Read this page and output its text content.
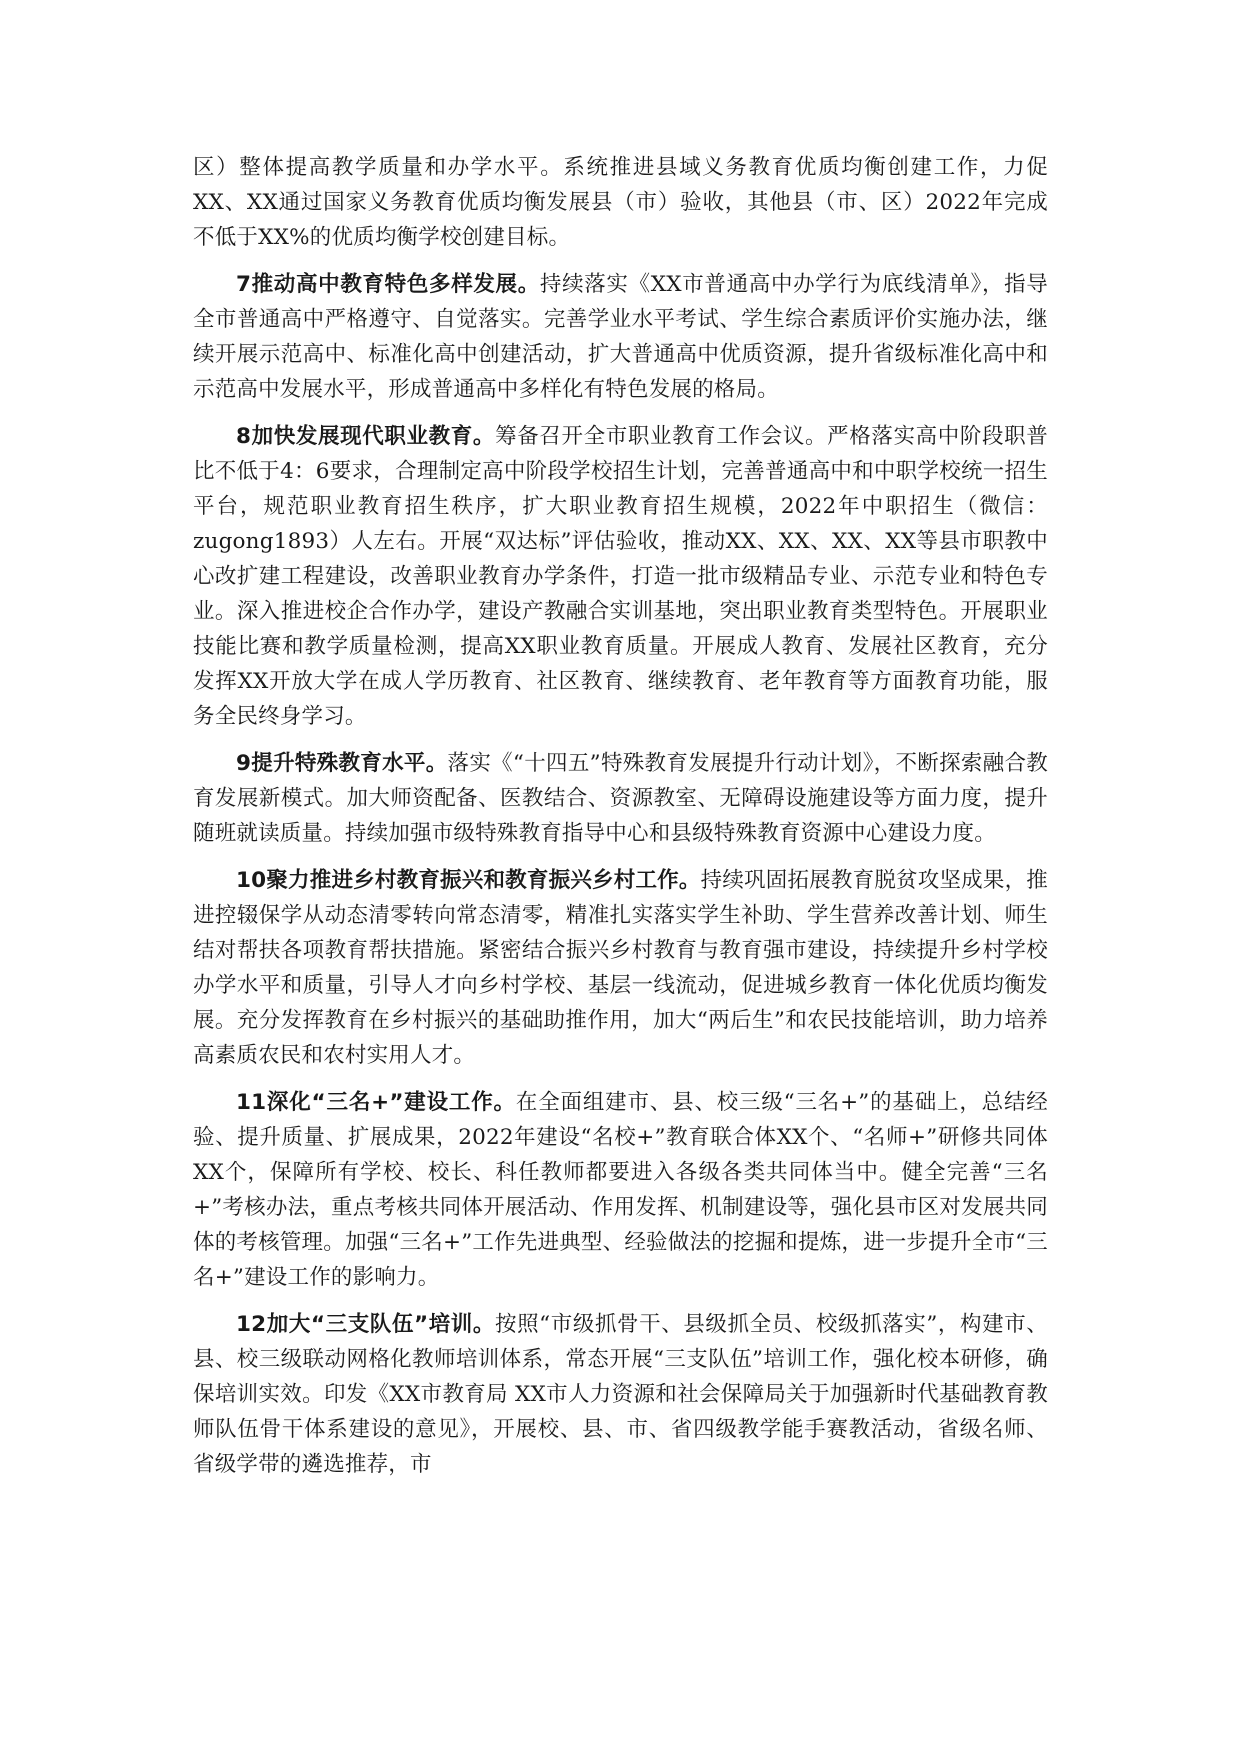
区）整体提高教学质量和办学水平。系统推进县域义务教育优质均衡创建工作，力促XX、XX通过国家义务教育优质均衡发展县（市）验收，其他县（市、区）2022年完成不低于XX%的优质均衡学校创建目标。

7推动高中教育特色多样发展。持续落实《XX市普通高中办学行为底线清单》，指导全市普通高中严格遵守、自觉落实。完善学业水平考试、学生综合素质评价实施办法，继续开展示范高中、标准化高中创建活动，扩大普通高中优质资源，提升省级标准化高中和示范高中发展水平，形成普通高中多样化有特色发展的格局。

8加快发展现代职业教育。筹备召开全市职业教育工作会议。严格落实高中阶段职普比不低于4：6要求，合理制定高中阶段学校招生计划，完善普通高中和中职学校统一招生平台，规范职业教育招生秩序，扩大职业教育招生规模，2022年中职招生（微信：zugong1893）人左右。开展“双达标”评估验收，推动XX、XX、XX、XX等县市职教中心改扩建工程建设，改善职业教育办学条件，打造一批市级精品专业、示范专业和特色专业。深入推进校企合作办学，建设产教融合实训基地，突出职业教育类型特色。开展职业技能比赛和教学质量检测，提高XX职业教育质量。开展成人教育、发展社区教育，充分发挥XX开放大学在成人学历教育、社区教育、继续教育、老年教育等方面教育功能，服务全民终身学习。

9提升特殊教育水平。落实《“十四五”特殊教育发展提升行动计划》，不断探索融合教育发展新模式。加大师资配备、医教结合、资源教室、无障碍设施建设等方面力度，提升随班就读质量。持续加强市级特殊教育指导中心和县级特殊教育资源中心建设力度。

10聚力推进乡村教育振兴和教育振兴乡村工作。持续巩固拓展教育脱贫攻坚成果，推进控辍保学从动态清零转向常态清零，精准扎实落实学生补助、学生营养改善计划、师生结对帮扶各项教育帮扶措施。紧密结合振兴乡村教育与教育强市建设，持续提升乡村学校办学水平和质量，引导人才向乡村学校、基层一线流动，促进城乡教育一体化优质均衡发展。充分发挥教育在乡村振兴的基础助推作用，加大“两后生”和农民技能培训，助力培养高素质农民和农村实用人才。

11深化“三名+”建设工作。在全面组建市、县、校三级“三名+”的基础上，总结经验、提升质量、扩展成果，2022年建设“名校+”教育联合体XX个、“名师+”研修共同体XX个，保障所有学校、校长、科任教师都要进入各级各类共同体当中。健全完善“三名+”考核办法，重点考核共同体开展活动、作用发挥、机制建设等，强化县市区对发展共同体的考核管理。加强“三名+”工作先进典型、经验做法的挖掘和提炼，进一步提升全市“三名+”建设工作的影响力。

12加大“三支队伍”培训。按照“市级抓骨干、县级抓全员、校级抓落实”，构建市、县、校三级联动网格化教师培训体系，常态开展“三支队伍”培训工作，强化校本研修，确保培训实效。印发《XX市教育局 XX市人力资源和社会保障局关于加强新时代基础教育教师队伍骨干体系建设的意见》，开展校、县、市、省四级教学能手赛教活动，省级名师、省级学带的遴选推荐，市
